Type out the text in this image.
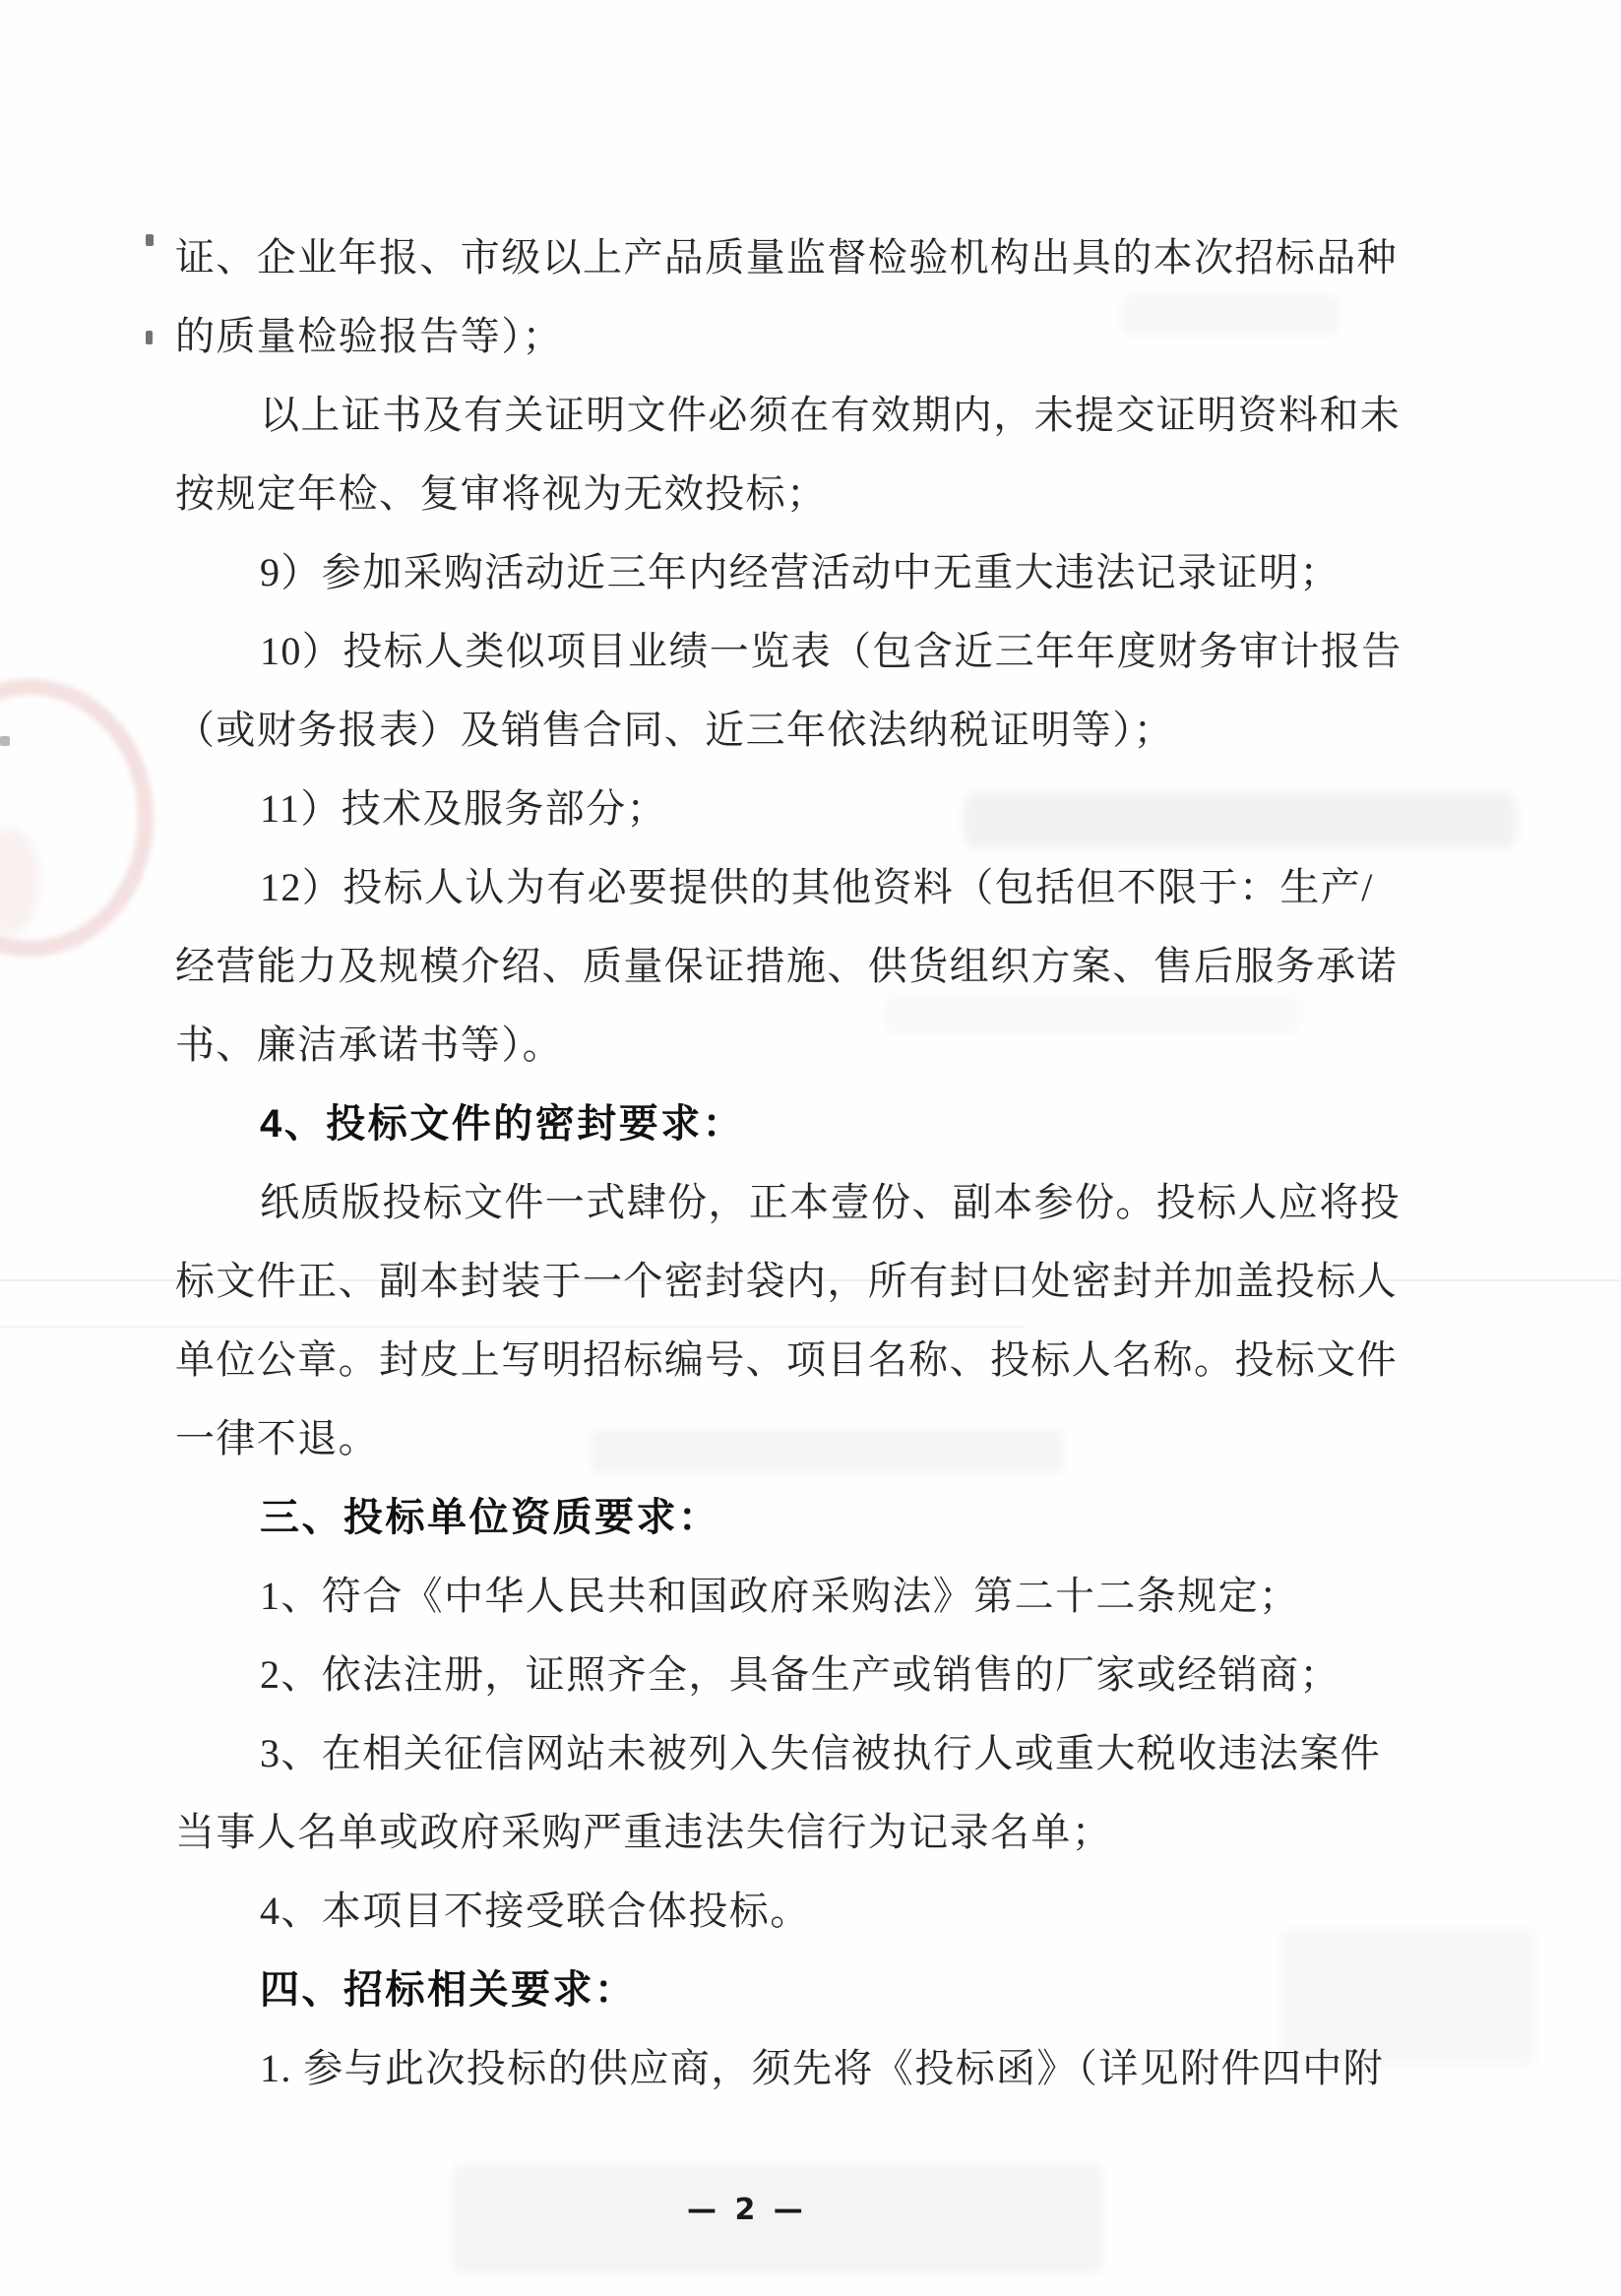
证、企业年报、市级以上产品质量监督检验机构出具的本次招标品种
的质量检验报告等）；
以上证书及有关证明文件必须在有效期内，未提交证明资料和未
按规定年检、复审将视为无效投标；
9）参加采购活动近三年内经营活动中无重大违法记录证明；
10）投标人类似项目业绩一览表（包含近三年年度财务审计报告
（或财务报表）及销售合同、近三年依法纳税证明等）；
11）技术及服务部分；
12）投标人认为有必要提供的其他资料（包括但不限于：生产/
经营能力及规模介绍、质量保证措施、供货组织方案、售后服务承诺
书、廉洁承诺书等）。
4、投标文件的密封要求：
纸质版投标文件一式肆份，正本壹份、副本参份。投标人应将投
标文件正、副本封装于一个密封袋内，所有封口处密封并加盖投标人
单位公章。封皮上写明招标编号、项目名称、投标人名称。投标文件
一律不退。
三、投标单位资质要求：
1、符合《中华人民共和国政府采购法》第二十二条规定；
2、依法注册，证照齐全，具备生产或销售的厂家或经销商；
3、在相关征信网站未被列入失信被执行人或重大税收违法案件
当事人名单或政府采购严重违法失信行为记录名单；
4、本项目不接受联合体投标。
四、招标相关要求：
1. 参与此次投标的供应商，须先将《投标函》（详见附件四中附
— 2 —
